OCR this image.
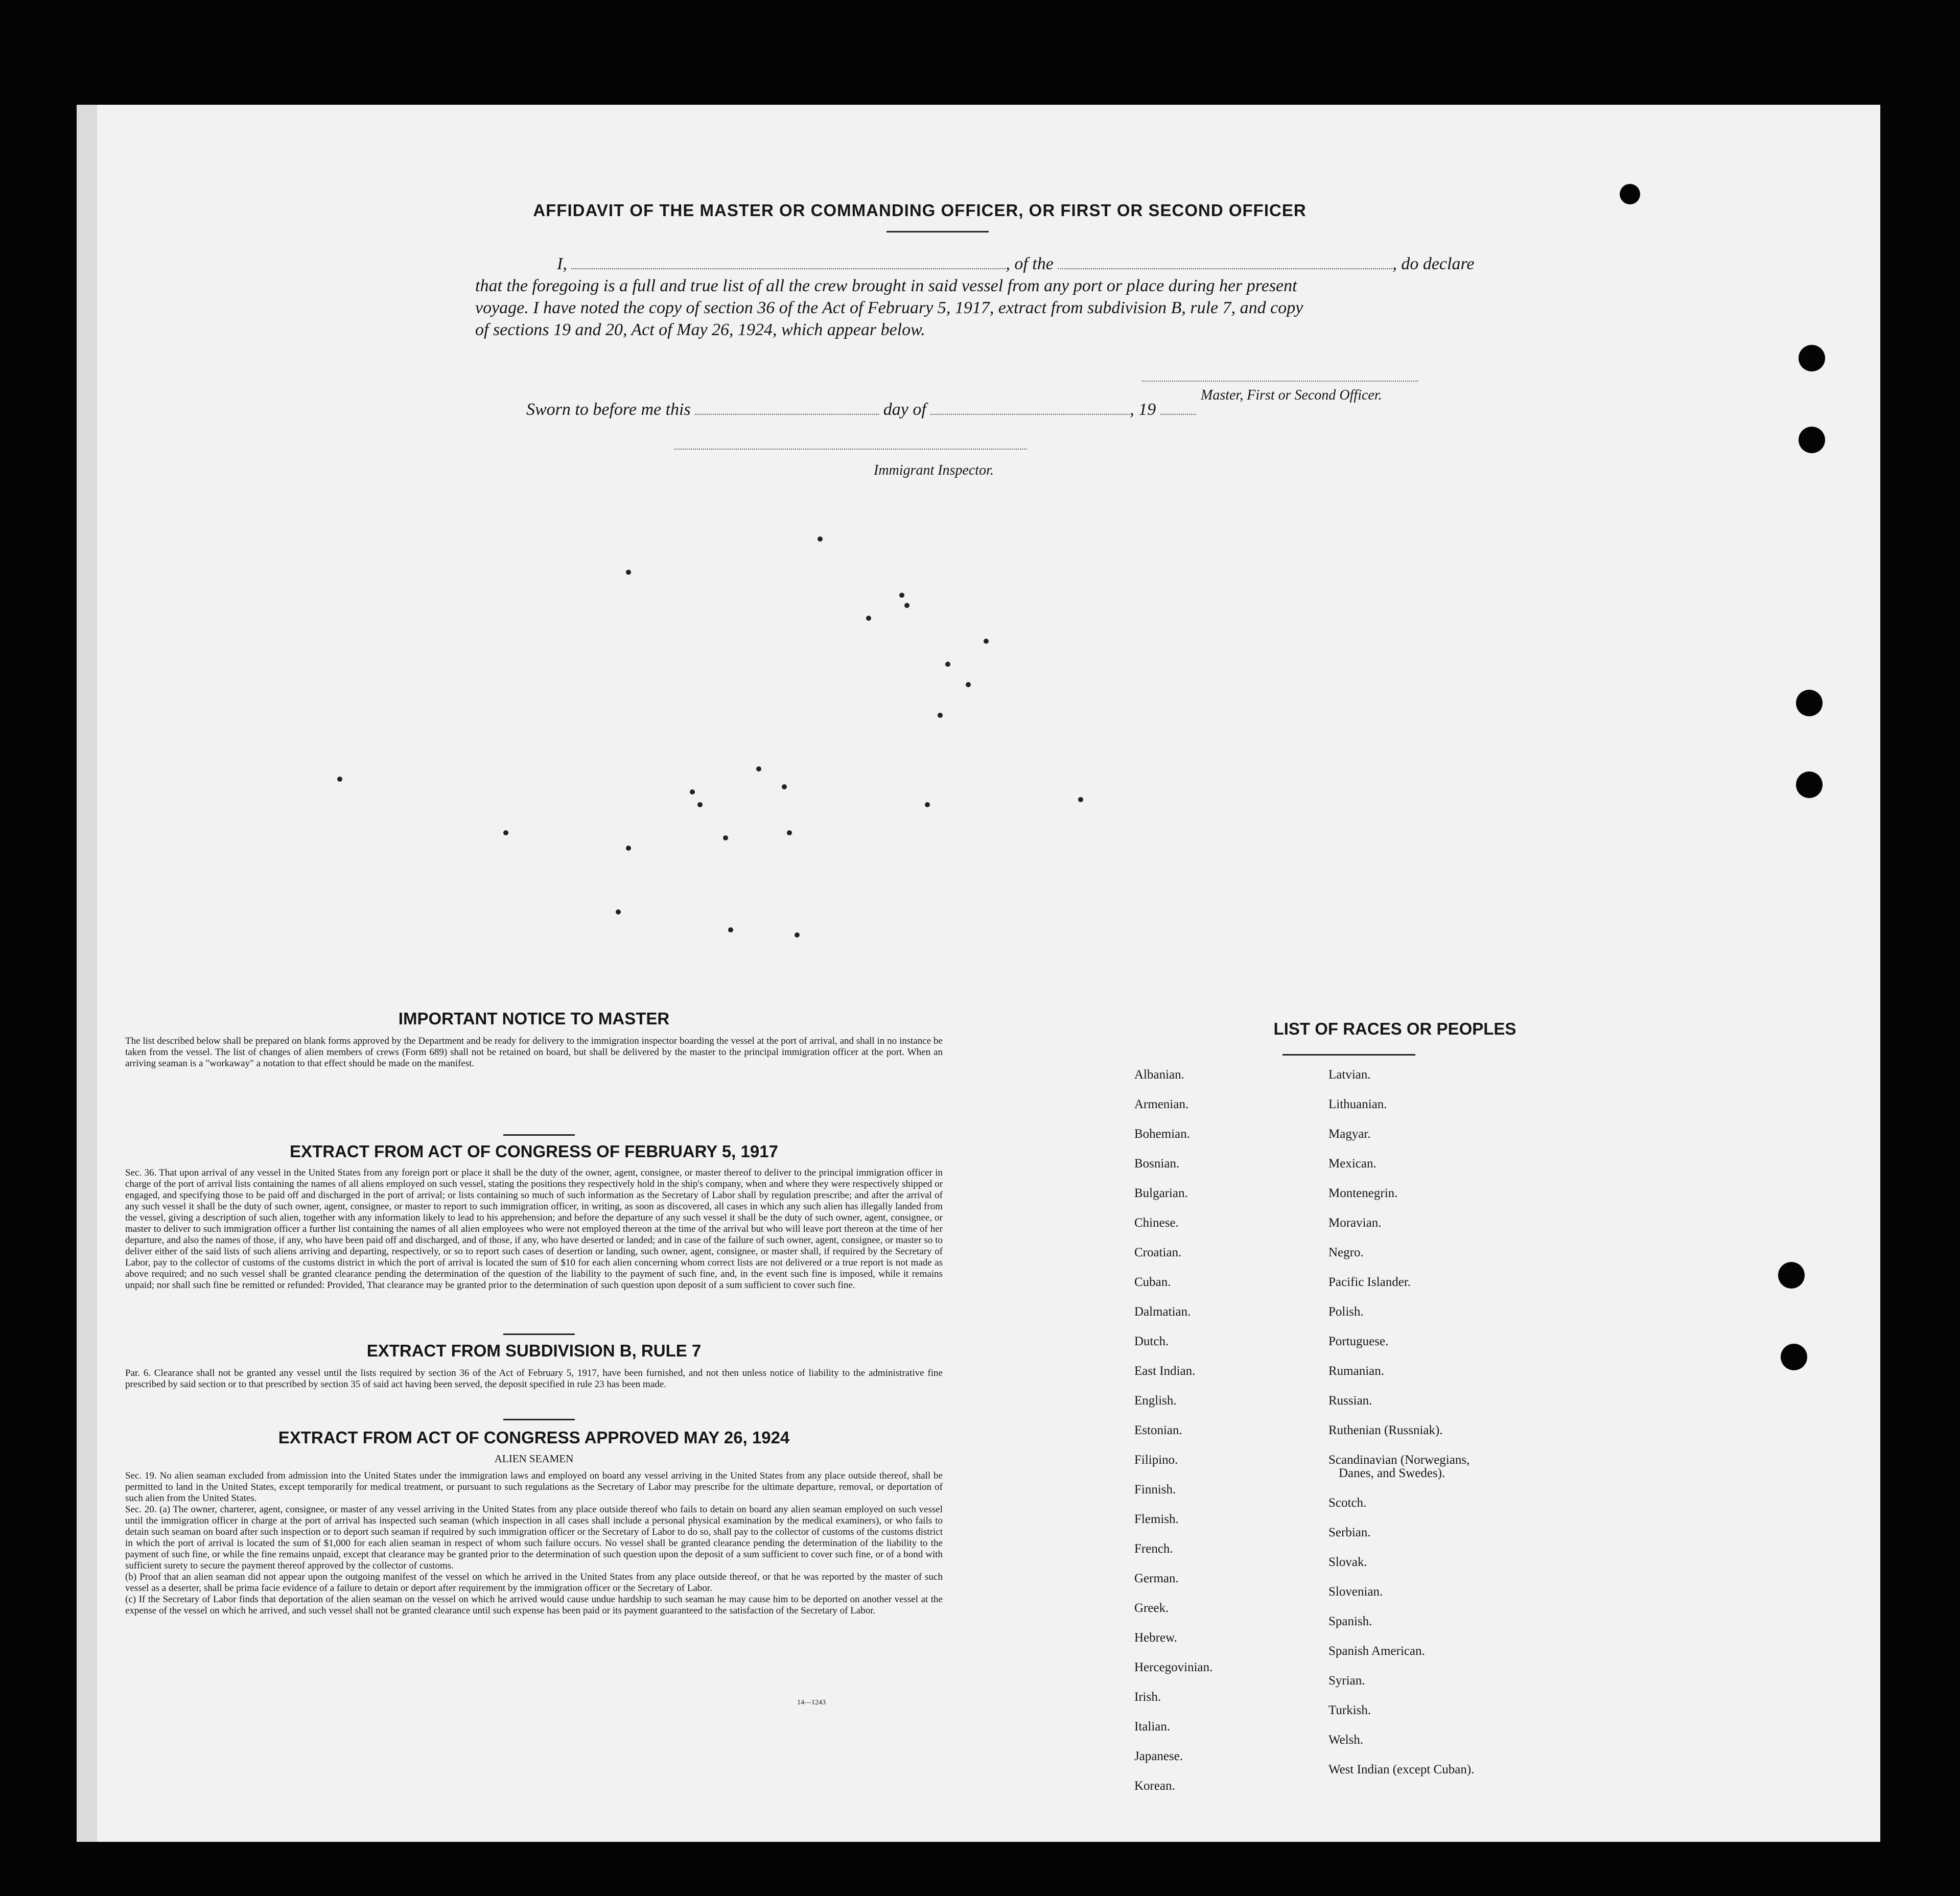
AFFIDAVIT OF THE MASTER OR COMMANDING OFFICER, OR FIRST OR SECOND OFFICER
I,	, of the	, do declare
that the foregoing is a full and true list of all the crew brought in said vessel from any port or place during her present
voyage. I have noted the copy of section 36 of the Act of February 5, 1917, extract from subdivision B, rule 7, and copy
of sections 19 and 20, Act of May 26, 1924, which appear below.
Master, First or Second Officer.
Sworn to before me this	day of	, 19
Immigrant Inspector.

IMPORTANT NOTICE TO MASTER

The list described below shall be prepared on blank forms approved by the Department and be ready for delivery to the immigration inspector boarding the vessel at the port of arrival, and shall in no instance be taken from the vessel. The list of changes of alien members of crews (Form 689) shall not be retained on board, but shall be delivered by the master to the principal immigration officer at the port. When an arriving seaman is a "workaway" a notation to that effect should be made on the manifest.

EXTRACT FROM ACT OF CONGRESS OF FEBRUARY 5, 1917

Sec. 36. That upon arrival of any vessel in the United States from any foreign port or place it shall be the duty of the owner, agent, consignee, or master thereof to deliver to the principal immigration officer in charge of the port of arrival lists containing the names of all aliens employed on such vessel, stating the positions they respectively hold in the ship's company, when and where they were respectively shipped or engaged, and specifying those to be paid off and discharged in the port of arrival; or lists containing so much of such information as the Secretary of Labor shall by regulation prescribe; and after the arrival of any such vessel it shall be the duty of such owner, agent, consignee, or master to report to such immigration officer, in writing, as soon as discovered, all cases in which any such alien has illegally landed from the vessel, giving a description of such alien, together with any information likely to lead to his apprehension; and before the departure of any such vessel it shall be the duty of such owner, agent, consignee, or master to deliver to such immigration officer a further list containing the names of all alien employees who were not employed thereon at the time of the arrival but who will leave port thereon at the time of her departure, and also the names of those, if any, who have been paid off and discharged, and of those, if any, who have deserted or landed; and in case of the failure of such owner, agent, consignee, or master so to deliver either of the said lists of such aliens arriving and departing, respectively, or so to report such cases of desertion or landing, such owner, agent, consignee, or master shall, if required by the Secretary of Labor, pay to the collector of customs of the customs district in which the port of arrival is located the sum of $10 for each alien concerning whom correct lists are not delivered or a true report is not made as above required; and no such vessel shall be granted clearance pending the determination of the question of the liability to the payment of such fine, and, in the event such fine is imposed, while it remains unpaid; nor shall such fine be remitted or refunded: Provided, That clearance may be granted prior to the determination of such question upon deposit of a sum sufficient to cover such fine.

EXTRACT FROM SUBDIVISION B, RULE 7

Par. 6. Clearance shall not be granted any vessel until the lists required by section 36 of the Act of February 5, 1917, have been furnished, and not then unless notice of liability to the administrative fine prescribed by said section or to that prescribed by section 35 of said act having been served, the deposit specified in rule 23 has been made.

EXTRACT FROM ACT OF CONGRESS APPROVED MAY 26, 1924

ALIEN SEAMEN

Sec. 19. No alien seaman excluded from admission into the United States under the immigration laws and employed on board any vessel arriving in the United States from any place outside thereof, shall be permitted to land in the United States, except temporarily for medical treatment, or pursuant to such regulations as the Secretary of Labor may prescribe for the ultimate departure, removal, or deportation of such alien from the United States.

Sec. 20. (a) The owner, charterer, agent, consignee, or master of any vessel arriving in the United States from any place outside thereof who fails to detain on board any alien seaman employed on such vessel until the immigration officer in charge at the port of arrival has inspected such seaman (which inspection in all cases shall include a personal physical examination by the medical examiners), or who fails to detain such seaman on board after such inspection or to deport such seaman if required by such immigration officer or the Secretary of Labor to do so, shall pay to the collector of customs of the customs district in which the port of arrival is located the sum of $1,000 for each alien seaman in respect of whom such failure occurs. No vessel shall be granted clearance pending the determination of the liability to the payment of such fine, or while the fine remains unpaid, except that clearance may be granted prior to the determination of such question upon the deposit of a sum sufficient to cover such fine, or of a bond with sufficient surety to secure the payment thereof approved by the collector of customs.

(b) Proof that an alien seaman did not appear upon the outgoing manifest of the vessel on which he arrived in the United States from any place outside thereof, or that he was reported by the master of such vessel as a deserter, shall be prima facie evidence of a failure to detain or deport after requirement by the immigration officer or the Secretary of Labor.

(c) If the Secretary of Labor finds that deportation of the alien seaman on the vessel on which he arrived would cause undue hardship to such seaman he may cause him to be deported on another vessel at the expense of the vessel on which he arrived, and such vessel shall not be granted clearance until such expense has been paid or its payment guaranteed to the satisfaction of the Secretary of Labor.

14—1243
LIST OF RACES OR PEOPLES
Albanian.
Armenian.
Bohemian.
Bosnian.
Bulgarian.
Chinese.
Croatian.
Cuban.
Dalmatian.
Dutch.
East Indian.
English.
Estonian.
Filipino.
Finnish.
Flemish.
French.
German.
Greek.
Hebrew.
Hercegovinian.
Irish.
Italian.
Japanese.
Korean.
Latvian.
Lithuanian.
Magyar.
Mexican.
Montenegrin.
Moravian.
Negro.
Pacific Islander.
Polish.
Portuguese.
Rumanian.
Russian.
Ruthenian (Russniak).
Scandinavian (Norwegians,
Danes, and Swedes).
Scotch.
Serbian.
Slovak.
Slovenian.
Spanish.
Spanish American.
Syrian.
Turkish.
Welsh.
West Indian (except Cuban).
